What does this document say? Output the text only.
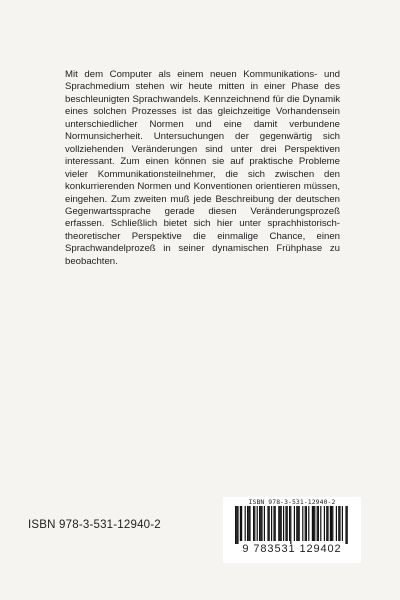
Mit dem Computer als einem neuen Kommunikations- und Sprachmedium stehen wir heute mitten in einer Phase des beschleunigten Sprachwandels. Kennzeichnend für die Dynamik eines solchen Prozesses ist das gleichzeitige Vorhandensein unterschiedlicher Normen und eine damit verbundene Normunsicherheit. Untersuchungen der gegenwärtig sich vollziehenden Veränderungen sind unter drei Perspektiven interessant. Zum einen können sie auf praktische Probleme vieler Kommunikationsteilnehmer, die sich zwischen den konkurrierenden Normen und Konventionen orientieren müssen, eingehen. Zum zweiten muß jede Beschreibung der deutschen Gegenwartssprache gerade diesen Veränderungsprozeß erfassen. Schließlich bietet sich hier unter sprachhistorisch-theoretischer Perspektive die einmalige Chance, einen Sprachwandelprozeß in seiner dynamischen Frühphase zu beobachten.

ISBN 978-3-531-12940-2
ISBN 978-3-531-12940-2
9 783531 129402
